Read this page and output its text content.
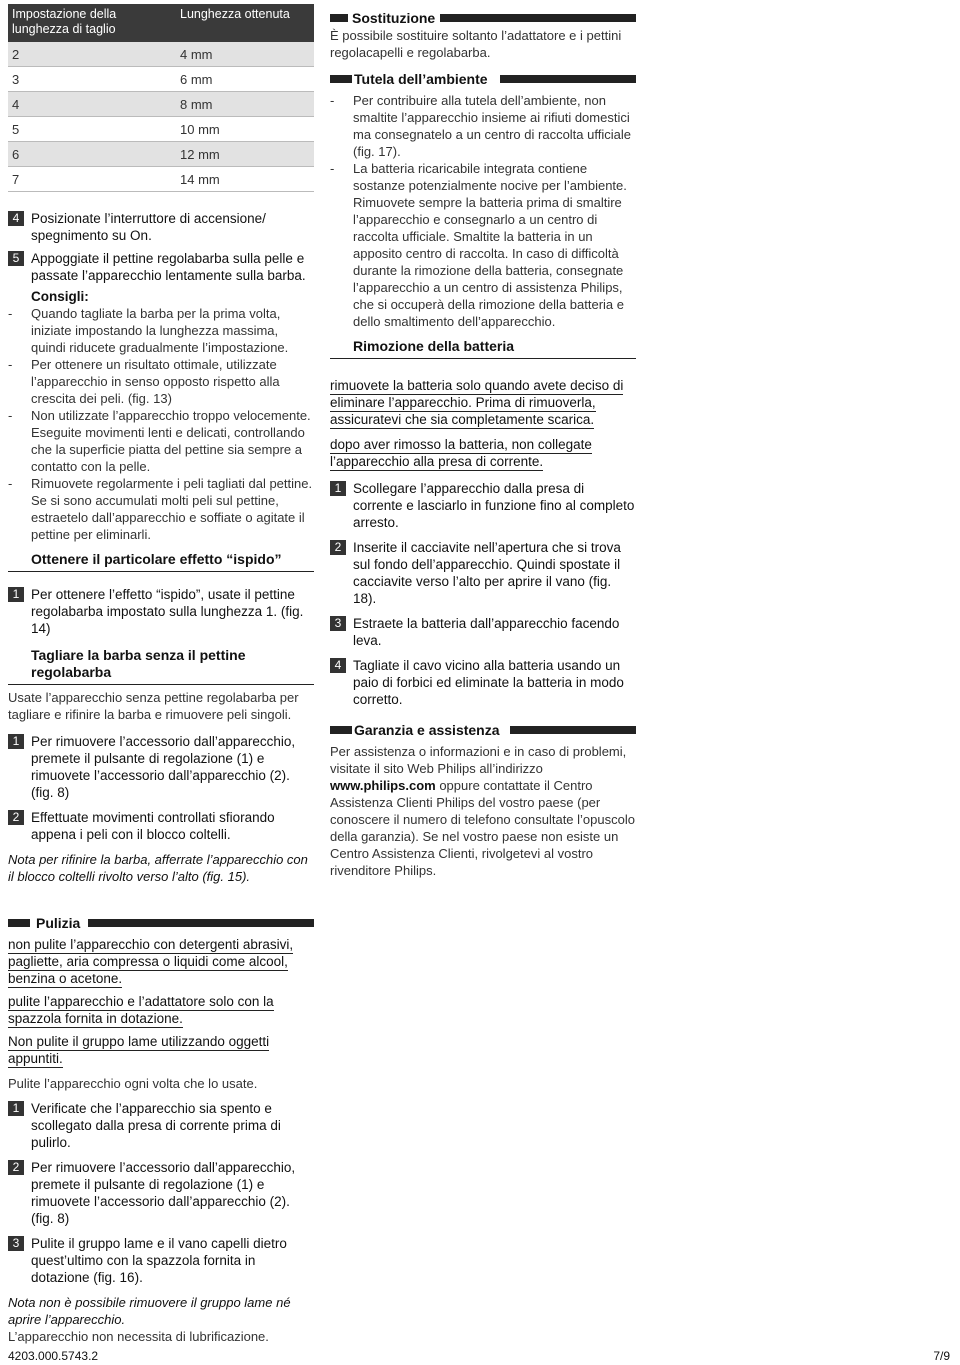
Impostazione della lunghezza di taglio	Lunghezza ottenuta
2	4 mm
3	6 mm
4	8 mm
5	10 mm
6	12 mm
7	14 mm

4 Posizionate l’interruttore di accensione/ spegnimento su On.

5 Appoggiate il pettine regolabarba sulla pelle e passate l’apparecchio lentamente sulla barba.

Consigli:

- Quando tagliate la barba per la prima volta, iniziate impostando la lunghezza massima, quindi riducete gradualmente l’impostazione.

- Per ottenere un risultato ottimale, utilizzate l’apparecchio in senso opposto rispetto alla crescita dei peli. (fig. 13)

- Non utilizzate l’apparecchio troppo velocemente. Eseguite movimenti lenti e delicati, controllando che la superficie piatta del pettine sia sempre a contatto con la pelle.

- Rimuovete regolarmente i peli tagliati dal pettine. Se si sono accumulati molti peli sul pettine, estraetelo dall’apparecchio e soffiate o agitate il pettine per eliminarli.

Ottenere il particolare effetto “ispido”

1 Per ottenere l’effetto “ispido”, usate il pettine regolabarba impostato sulla lunghezza 1. (fig. 14)

Tagliare la barba senza il pettine regolabarba

Usate l’apparecchio senza pettine regolabarba per tagliare e rifinire la barba e rimuovere peli singoli.

1 Per rimuovere l’accessorio dall’apparecchio, premete il pulsante di regolazione (1) e rimuovete l’accessorio dall’apparecchio (2). (fig. 8)

2 Effettuate movimenti controllati sfiorando appena i peli con il blocco coltelli.

Nota per rifinire la barba, afferrate l’apparecchio con il blocco coltelli rivolto verso l’alto (fig. 15).

Pulizia

non pulite l’apparecchio con detergenti abrasivi, pagliette, aria compressa o liquidi come alcool, benzina o acetone.

pulite l’apparecchio e l’adattatore solo con la spazzola fornita in dotazione.

Non pulite il gruppo lame utilizzando oggetti appuntiti.

Pulite l’apparecchio ogni volta che lo usate.

1 Verificate che l’apparecchio sia spento e scollegato dalla presa di corrente prima di pulirlo.

2 Per rimuovere l’accessorio dall’apparecchio, premete il pulsante di regolazione (1) e rimuovete l’accessorio dall’apparecchio (2). (fig. 8)

3 Pulite il gruppo lame e il vano capelli dietro quest’ultimo con la spazzola fornita in dotazione (fig. 16).

Nota non è possibile rimuovere il gruppo lame né aprire l’apparecchio.

L’apparecchio non necessita di lubrificazione.

Sostituzione

È possibile sostituire soltanto l’adattatore e i pettini regolacapelli e regolabarba.

Tutela dell’ambiente

- Per contribuire alla tutela dell’ambiente, non smaltite l’apparecchio insieme ai rifiuti domestici ma consegnatelo a un centro di raccolta ufficiale (fig. 17).

- La batteria ricaricabile integrata contiene sostanze potenzialmente nocive per l’ambiente. Rimuovete sempre la batteria prima di smaltire l’apparecchio e consegnarlo a un centro di raccolta ufficiale. Smaltite la batteria in un apposito centro di raccolta. In caso di difficoltà durante la rimozione della batteria, consegnate l’apparecchio a un centro di assistenza Philips, che si occuperà della rimozione della batteria e dello smaltimento dell’apparecchio.

Rimozione della batteria

rimuovete la batteria solo quando avete deciso di eliminare l’apparecchio. Prima di rimuoverla, assicuratevi che sia completamente scarica.

dopo aver rimosso la batteria, non collegate l’apparecchio alla presa di corrente.

1 Scollegare l’apparecchio dalla presa di corrente e lasciarlo in funzione fino al completo arresto.

2 Inserite il cacciavite nell’apertura che si trova sul fondo dell’apparecchio. Quindi spostate il cacciavite verso l’alto per aprire il vano (fig. 18).

3 Estraete la batteria dall’apparecchio facendo leva.

4 Tagliate il cavo vicino alla batteria usando un paio di forbici ed eliminate la batteria in modo corretto.

Garanzia e assistenza

Per assistenza o informazioni e in caso di problemi, visitate il sito Web Philips all’indirizzo www.philips.com oppure contattate il Centro Assistenza Clienti Philips del vostro paese (per conoscere il numero di telefono consultate l’opuscolo della garanzia). Se nel vostro paese non esiste un Centro Assistenza Clienti, rivolgetevi al vostro rivenditore Philips.

4203.000.5743.2	7/9
